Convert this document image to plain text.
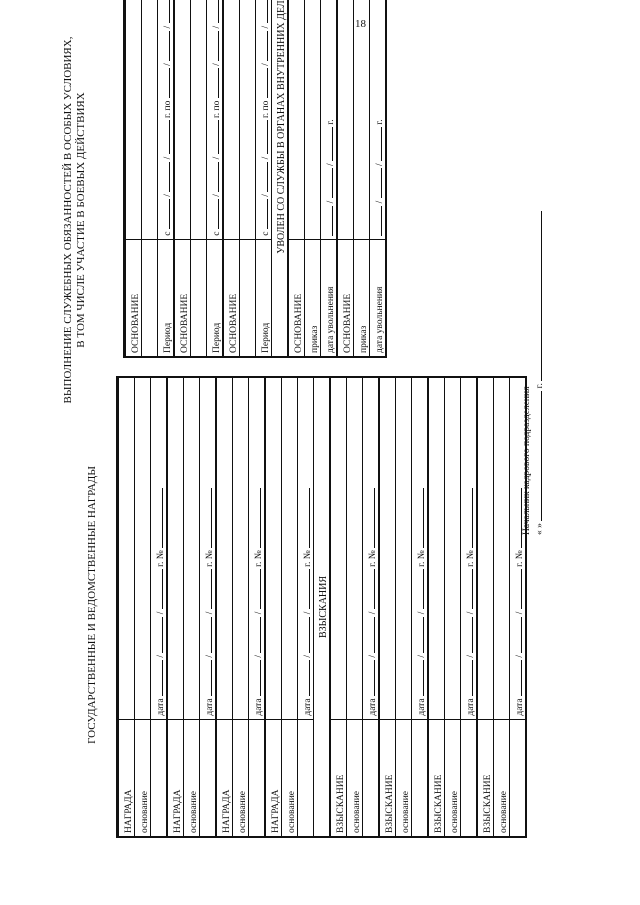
18
ГОСУДАРСТВЕННЫЕ И ВЕДОМСТВЕННЫЕ НАГРАДЫ
НАГРАДА	
основание	
	дата  /  /  г. №
НАГРАДА	
основание	
	дата  /  /  г. №
НАГРАДА	
основание	
	дата  /  /  г. №
НАГРАДА	
основание	
	дата  /  /  г. №
ВЗЫСКАНИЯ	
ВЗЫСКАНИЕ	
основание	
	дата  /  /  г. №
ВЗЫСКАНИЕ	
основание	
	дата  /  /  г. №
ВЗЫСКАНИЕ	
основание	
	дата  /  /  г. №
ВЗЫСКАНИЕ	
основание	
	дата  /  /  г. №
ВЫПОЛНЕНИЕ СЛУЖЕБНЫХ ОБЯЗАННОСТЕЙ В ОСОБЫХ УСЛОВИЯХ, В ТОМ ЧИСЛЕ УЧАСТИЕ В БОЕВЫХ ДЕЙСТВИЯХ	ОСНОВАНИЕ	

Период	с  /  /  г. по  /  /
ОСНОВАНИЕ	

Период	с  /  /  г. по  /  /
ОСНОВАНИЕ	

Период	с  /  /  г. по  /  /
УВОЛЕН СО СЛУЖБЫ В ОРГАНАХ ВНУТРЕННИХ ДЕЛ	
ОСНОВАНИЕ	
приказ	
дата увольнения	/  /  г.
ОСНОВАНИЕ	
приказ	
дата увольнения	/  /  г.
Начальник кадрового подразделения « »  г.
